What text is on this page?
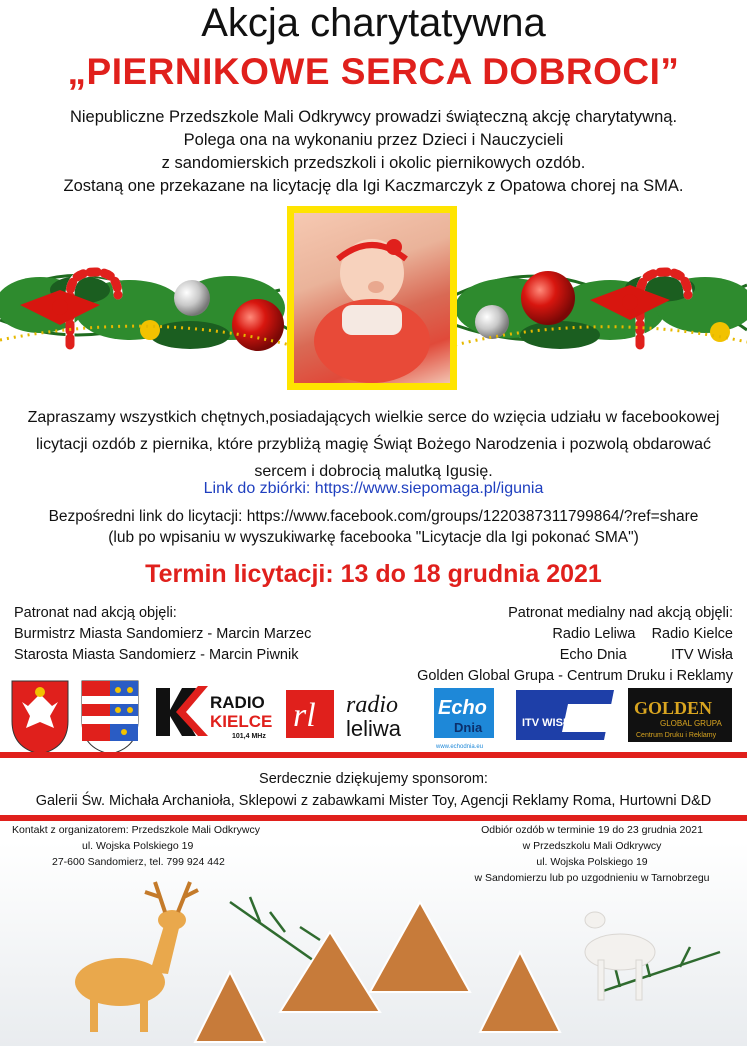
Akcja charytatywna
„PIERNIKOWE SERCA DOBROCI”
Niepubliczne Przedszkole Mali Odkrywcy prowadzi świąteczną akcję charytatywną.
Polega ona na wykonaniu przez Dzieci i Nauczycieli
z sandomierskich przedszkoli i okolic piernikowych ozdób.
Zostaną one przekazane na licytację dla Igi Kaczmarczyk z Opatowa chorej na SMA.
Zapraszamy wszystkich chętnych,posiadających wielkie serce do wzięcia udziału w facebookowej
licytacji ozdób z piernika, które przybliżą magię Świąt Bożego Narodzenia i pozwolą obdarować
sercem i dobrocią malutką Igusię.
Link do zbiórki: https://www.siepomaga.pl/igunia
Bezpośredni link do licytacji: https://www.facebook.com/groups/1220387311799864/?ref=share
(lub po wpisaniu w wyszukiwarkę facebooka "Licytacje dla Igi pokonać SMA")
Termin licytacji: 13 do 18 grudnia 2021
Patronat nad akcją objęli:
Burmistrz Miasta Sandomierz - Marcin Marzec
Starosta Miasta Sandomierz - Marcin Piwnik
Patronat medialny nad akcją objęli:
Radio Leliwa Radio Kielce
Echo Dnia	ITV Wisła
Golden Global Grupa - Centrum Druku i Reklamy
RADIO
KIELCE
101,4 MHz
rl radio
leliwa
Echo
Dnia
www.echodnia.eu
ITV WISŁA
GOLDEN
GLOBAL GRUPA
Centrum Druku i Reklamy
Serdecznie dziękujemy sponsorom:
Galerii Św. Michała Archanioła, Sklepowi z zabawkami Mister Toy, Agencji Reklamy Roma, Hurtowni D&D
Kontakt z organizatorem: Przedszkole Mali Odkrywcy
ul. Wojska Polskiego 19
27-600 Sandomierz, tel. 799 924 442
Odbiór ozdób w terminie 19 do 23 grudnia 2021
w Przedszkolu Mali Odkrywcy
ul. Wojska Polskiego 19
w Sandomierzu lub po uzgodnieniu w Tarnobrzegu
